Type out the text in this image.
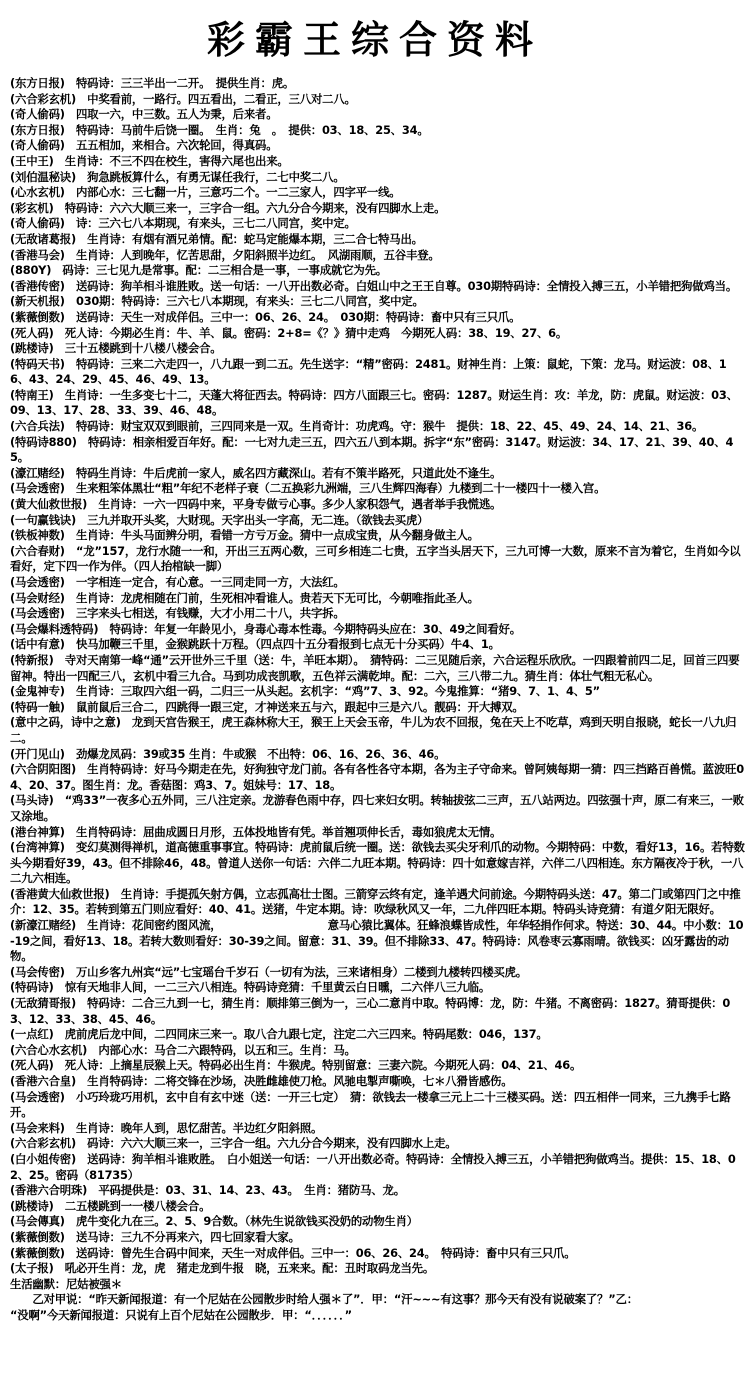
彩霸王综合资料

(东方日报)　特码诗：三三半出一二开。　提供生肖：虎。

(六合彩玄机)　中奖看前，一路行。四五看出，二看正，三八对二八。

(奇人偷码)　四取一六，中三数。五人为秉，后来者。

(东方日报)　特码诗：马前牛后饶一圈。　生肖：兔　。　提供：03、18、25、34。

(奇人偷码)　五五相加，来相合。六次轮回，得真码。

(王中王)　生肖诗：不三不四在校生，害得六尾也出来。

(刘伯温秘诀)　狗急跳板算什么，有勇无谋任我行，二七中奖二八。

(心水玄机)　内部心水：三七翻一片，三意巧二个。一二三家人，四字平一线。

(彩玄机)　特码诗：六六大顺三来一，三字合一组。六九分合今期来，没有四脚水上走。

(奇人偷码)　诗：三六七八本期现，有来头，三七二八同宫，奖中定。

(无敌诸葛报)　生肖诗：有烟有酒兄弟情。配：蛇马定能爆本期，三二合七特马出。

(香港马会)　生肖诗：人到晚年，忆苦思甜，夕阳斜照半边红。　风湖雨顺，五谷丰登。

(880Y)　码诗：三七见九是常事。配：二三相合是一事，一事成就它为先。

(香港传密)　送码诗：狗羊相斗谁胜败。送一句话：一八开出数必奇。白姐山中之王王自尊。030期特码诗：全情投入搏三五，小羊错把狗做鸡当。

(新天机报)　030期：特码诗：三六七八本期现，有来头：三七二八同宫，奖中定。

(紫薇倒数)　送码诗：天生一对成佯侣。三中一：06、26、24。　030期：特码诗：畜中只有三只爪。

(死人码)　死人诗：今期必生肖：牛、羊、鼠。密码：2+8=《？》猜中走鸡　今期死人码：38、19、27、6。

(跳楼诗)　三十五楼跳到十八楼八楼会合。

(特码天书)　特码诗：三来二六走四一，八九跟一到二五。先生送字：“精”密码：2481。财神生肖：上策：鼠蛇，下策：龙马。财运波：08、16、43、24、29、45、46、49、13。

(特南王)　生肖诗：一生多变七十二，天蓬大将征西去。特码诗：四方八面跟三七。密码：1287。财运生肖：攻：羊龙，防：虎鼠。财运波：03、09、13、17、28、33、39、46、48。

(六合兵法)　特码诗：财宝双双到眼前，三四同来是一双。生肖奇计：功虎鸡。守：猴牛　提供：18、22、45、49、24、14、21、36。

(特码诗880)　特码诗：相亲相爱百年好。配：一七对九走三五，四六五八到本期。拆字“东”密码：3147。财运波：34、17、21、39、40、45。

(濠江赌经)　特码生肖诗：牛后虎前一家人，威名四方藏深山。若有不策半路死，只道此处不逢生。

(马会透密)　生来粗笨体黑壮“粗”年纪不老样子衰（二五换彩九洲端，三八生辉四海春）九楼到二十一楼四十一楼入宫。

(黄大仙救世报)　生肖诗：一六一四码中来，平身专做亏心事。多少人家积怨气，遇者举手我慌逃。

(一句赢钱诀)　三九并取开头奖，大财现。天字出头一字高，无二连。（欲钱去买虎）

(铁板神数)　生肖诗：牛头马面辨分明，看错一方亏万金。猜中一点成宝贵，从今翻身做主人。

(六合春财)　“龙”157，龙行水随一一和，开出三五两心数，三可乡相连二七贵，五字当头居天下，三九可博一大数，原来不言为着它，生肖如今以看好，定下四一作为伴。（四人抬棺缺一脚）

(马会透密)　一字相连一定合，有心意。一三同走同一方，大法红。

(马会财经)　生肖诗：龙虎相随在门前，生死相冲看谁人。贵若天下无可比，今朝唯指此圣人。

(马会透密)　三字来头七相送，有钱赚，大才小用二十八，共字拆。

(马会爆料透特码)　特码诗：年复一年龄见小，身毒心毒本性毒。今期特码头应在：30、49之间看好。

(话中有意)　快马加鞭三千里，金猴跳跃十万程。（四点四十五分看报到七点无十分买码）牛4、1。

(特新报)　寺对天南第一峰“通”云开世外三千里（送：牛，羊旺本期）。　猜特码：二三见随后亲，六合运程乐欣欣。一四跟着前四二足，回首三四要留神。特出一四配三八，玄机中看三九合。马到功成丧凯歌，五色祥云满乾坤。配：二六，三八带二九。猜生肖：体壮气粗无私心。

(金鬼神专)　生肖诗：三取四六组一码，二归三一从头起。玄机字：“鸡”7、3、92。今鬼推算：“猪9、7、1、4、5”

(特码一触)　鼠前鼠后三合二，四跳得一跟三定，才神送来五与六，跟起中三是六八。靓码：开大搏双。

(意中之码，诗中之意)　龙到天宫告猴王，虎王森林称大王，猴王上天会玉帝，牛儿为农不回报，兔在天上不吃草，鸡到天明自报晓，蛇长一八九归二。

(开门见山)　劲爆龙凤码：39或35 生肖：牛或猴　不出特：06、16、26、36、46。

(六合阴阳图)　生肖特码诗：好马今期走在先，好狗独守龙门前。各有各性各守本期，各为主子守命来。曾阿姨每期一猜：四三挡路百兽慌。蓝波旺04、20、37。图生肖：龙。香菇图：鸡3、7。姐妹号：17、18。

(马头诗)　“鸡33”一夜多心五外同，三八注定亲。龙游春色雨中存，四七来妇女明。转轴拔弦二三声，五八站两边。四弦强十声，原二有来三，一败又涂地。

(港台神算)　生肖特码诗：屈曲成圆日月形，五体投地皆有凭。举首翘项伸长舌，毒如狼虎太无情。

(台湾神算)　变幻莫测得禅机，道高德重事事宜。特码诗：虎前鼠后统一圈。送：欲钱去买尖牙利爪的动物。今期特码：中数，看好13，16。若特数头今期看好39，43。但不排除46，48。曾道人送你一句话：六伴二九旺本期。特码诗：四十如意嫁吉祥，六伴二八四相连。东方隔夜冷于秋，一八二九六相连。

(香港黄大仙救世报)　生肖诗：手提孤矢射方偶，立志孤高壮士图。三箭穿云终有定，逢羊遇犬问前途。今期特码头送：47。第二门或第四门之中推介：12、35。若转到第五门则应看好：40、41。送猪，牛定本期。诗：吹绿秋风又一年，二九伴四旺本期。特码头诗竞猜：有道夕阳无限好。

(新濠江赌经)　生肖诗：花间密约图风流，　　　　　　　　　　意马心猿比翼体。狂蜂浪蝶皆成性，年华轻捐作何求。特送：30、44。中小数：10-19之间，看好13、18。若转大数则看好：30-39之间。留意：31、39。但不排除33、47。特码诗：风卷枣云寡雨晴。欲钱买：凶牙露齿的动物。

(马会传密)　万山乡客九州宾“远”七宝瑶台千岁石（一切有为法，三来诸相身）二楼到九楼转四楼买虎。

(特码诗)　惊有天地非人间，一二三六八相连。特码诗竞猜：千里黄云白日曛，二六伴八三九临。

(无敌猜哥报)　特码诗：二合三九到一七，猜生肖：顺排第三倒为一，三心二意肖中取。特码博：龙，防：牛猪。不离密码：1827。猜哥提供：03、12、33、38、45、46。

(一点红)　虎前虎后龙中间，二四同床三来一。取八合九跟七定，注定二六三四来。特码尾数：046，137。

(六合心水玄机)　内部心水：马合二六跟特码，以五和三。生肖：马。

(死人码)　死人诗：上摘星辰猴上天。特码必出生肖：牛猴虎。特别留意：三妻六院。今期死人码：04、21、46。

(香港六合皇)　生肖特码诗：二将交锋在沙场，决胜雌雄使刀枪。风驰电掣声嘶唤，七＊八猾皆感伤。

(马会透密)　小巧玲珑巧用机，玄中自有玄中迷（送：一开三七定）　猜：欲钱去一楼拿三元上二十三楼买码。送：四五相伴一同来，三九携手七路开。

(马会来料)　生肖诗：晚年人到，思忆甜苦。半边红夕阳斜照。

(六合彩玄机)　码诗：六六大顺三来一，三字合一组。六九分合今期来，没有四脚水上走。

(白小姐传密)　送码诗：狗羊相斗谁败胜。　白小姐送一句话：一八开出数必奇。特码诗：全情投入搏三五，小羊错把狗做鸡当。提供：15、18、02、25。密码（81735）

(香港六合明珠)　平码提供是：03、31、14、23、43。　生肖：猪防马、龙。

(跳楼诗)　二五楼跳到一一楼八楼会合。

(马会傳真)　虎牛变化九在三。2、5、9合数。（林先生说欲钱买没奶的动物生肖）

(紫薇倒数)　送马诗：三九不分再来六，四七回家看大家。

(紫薇倒数)　送码诗：曾先生合码中间来，天生一对成伴侣。三中一：06、26、24。　特码诗：畜中只有三只爪。

(太子报)　吼必开生肖：龙，虎　猪走龙到牛报　晓，五来来。配：丑时取码龙当先。

生活幽默：尼姑被强＊

　　乙对甲说：“昨天新闻报道：有一个尼姑在公园散步时给人强＊了”．甲：“汗~~~有这事？那今天有没有说破案了？”乙：

“没啊”今天新闻报道：只说有上百个尼姑在公园散步．甲：“．．．．．．”
